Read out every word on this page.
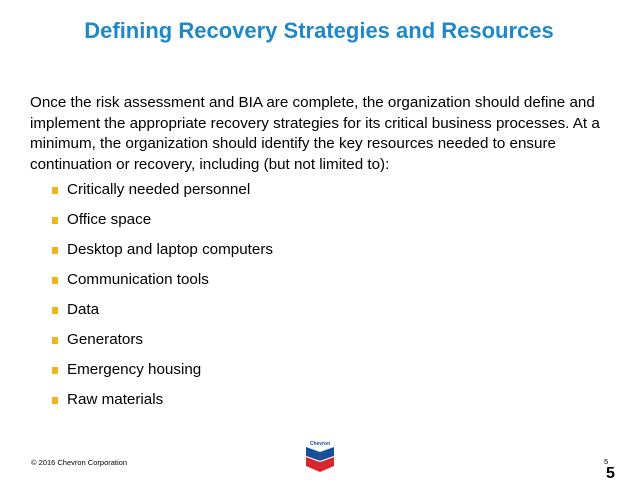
Defining Recovery Strategies and Resources
Once the risk assessment and BIA are complete, the organization should define and implement the appropriate recovery strategies for its critical business processes. At a minimum, the organization should identify the key resources needed to ensure continuation or recovery, including (but not limited to):
Critically needed personnel
Office space
Desktop and laptop computers
Communication tools
Data
Generators
Emergency housing
Raw materials
Chevron
© 2016 Chevron Corporation	5
5
